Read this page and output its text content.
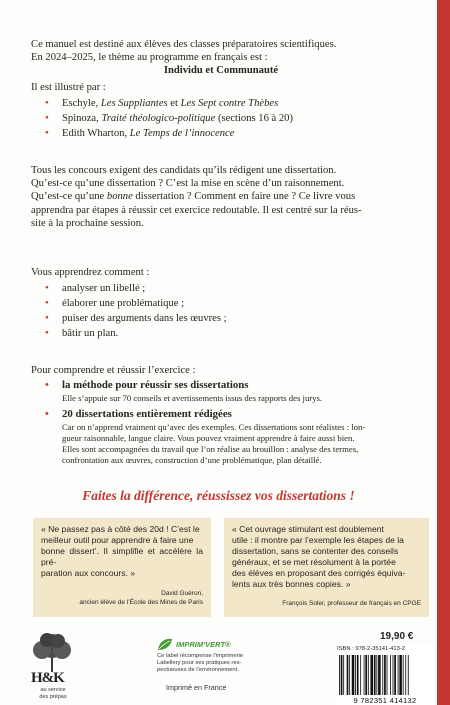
Ce manuel est destiné aux élèves des classes préparatoires scientifiques.
En 2024–2025, le thème au programme en français est :
Individu et Communauté
Il est illustré par :
• Eschyle, Les Suppliantes et Les Sept contre Thèbes
• Spinoza, Traité théologico-politique (sections 16 à 20)
• Edith Wharton, Le Temps de l’innocence
Tous les concours exigent des candidats qu’ils rédigent une dissertation.
Qu’est-ce qu’une dissertation ? C’est la mise en scène d’un raisonnement.
Qu’est-ce qu’une bonne dissertation ? Comment en faire une ? Ce livre vous
apprendra par étapes à réussir cet exercice redoutable. Il est centré sur la réus-
site à la prochaine session.
Vous apprendrez comment :
• analyser un libellé ;
• élaborer une problématique ;
• puiser des arguments dans les œuvres ;
• bâtir un plan.
Pour comprendre et réussir l’exercice :
• la méthode pour réussir ses dissertations
Elle s’appuie sur 70 conseils et avertissements issus des rapports des jurys.
• 20 dissertations entièrement rédigées
Car on n’apprend vraiment qu’avec des exemples. Ces dissertations sont réalistes : lon-
gueur raisonnable, langue claire. Vous pouvez vraiment apprendre à faire aussi bien.
Elles sont accompagnées du travail que l’on réalise au brouillon : analyse des termes,
confrontation aux œuvres, construction d’une problématique, plan détaillé.
Faites la différence, réussissez vos dissertations !
« Ne passez pas à côté des 20d ! C’est le
meilleur outil pour apprendre à faire une
bonne dissert’. Il simplifie et accélère la pré-
paration aux concours. »
David Guéron,
ancien élève de l’École des Mines de Paris
« Cet ouvrage stimulant est doublement
utile : il montre par l’exemple les étapes de la
dissertation, sans se contenter des conseils
généraux, et se met résolument à la portée
des élèves en proposant des corrigés équiva-
lents aux très bonnes copies. »
François Soler, professeur de français en CPGE
H&K
au service
des prépas
IMPRIM’VERT®
Ce label récompense l’imprimerie
Labellery pour ses pratiques res-
pectueuses de l’environnement.
Imprimé en France
19,90 €
ISBN : 978-2-35141-413-2
9 782351 414132
